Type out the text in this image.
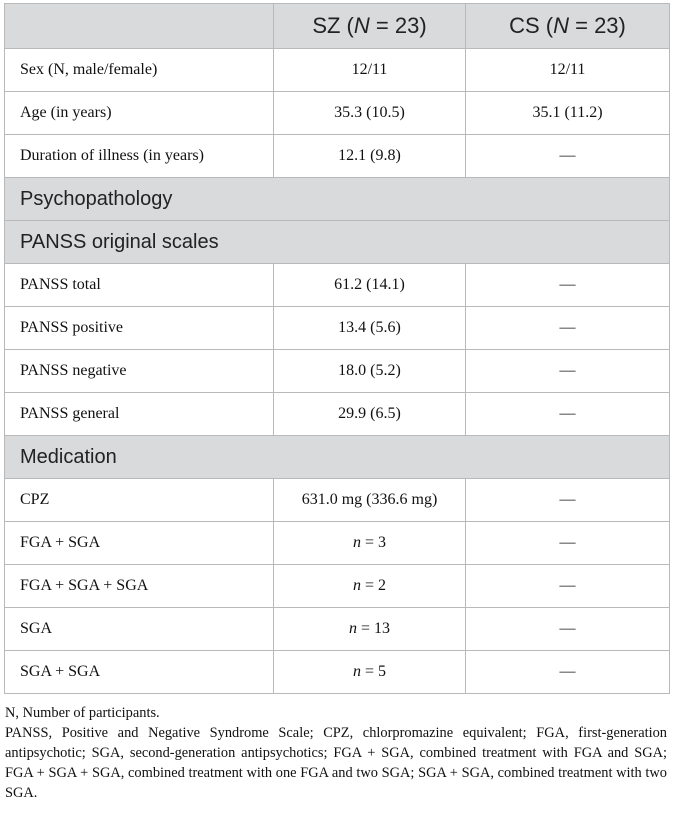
	SZ (N = 23)	CS (N = 23)
Sex (N, male/female)	12/11	12/11
Age (in years)	35.3 (10.5)	35.1 (11.2)
Duration of illness (in years)	12.1 (9.8)	—
Psychopathology		
PANSS original scales		
PANSS total	61.2 (14.1)	—
PANSS positive	13.4 (5.6)	—
PANSS negative	18.0 (5.2)	—
PANSS general	29.9 (6.5)	—
Medication		
CPZ	631.0 mg (336.6 mg)	—
FGA + SGA	n = 3	—
FGA + SGA + SGA	n = 2	—
SGA	n = 13	—
SGA + SGA	n = 5	—

N, Number of participants.

PANSS, Positive and Negative Syndrome Scale; CPZ, chlorpromazine equivalent; FGA, first-generation antipsychotic; SGA, second-generation antipsychotics; FGA + SGA, combined treatment with FGA and SGA; FGA + SGA + SGA, combined treatment with one FGA and two SGA; SGA + SGA, combined treatment with two SGA.
